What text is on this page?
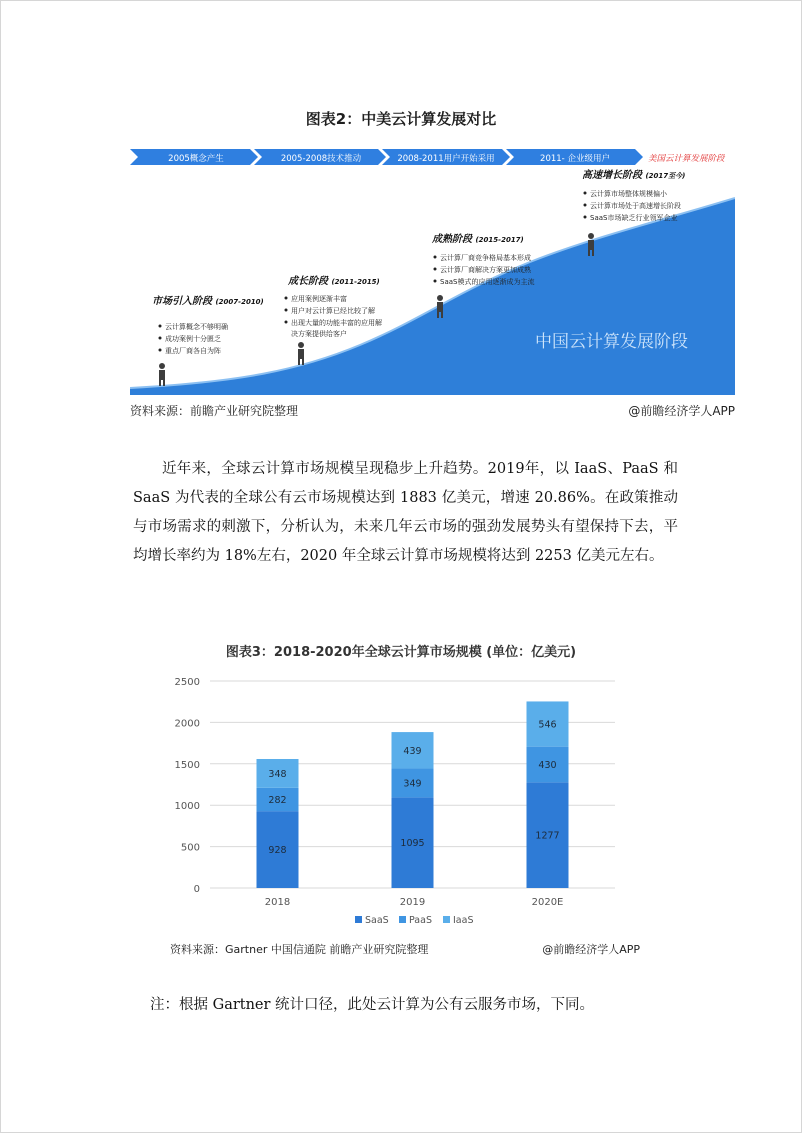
图表2：中美云计算发展对比
2005概念产生	2005-2008技术推动	2008-2011用户开始采用	2011- 企业级用户	美国云计算发展阶段
中国云计算发展阶段
市场引入阶段 (2007-2010)
云计算概念不够明确
成功案例十分匮乏
重点厂商各自为阵
成长阶段 (2011-2015)
应用案例逐渐丰富
用户对云计算已经比较了解
出现大量的功能丰富的应用解
决方案提供给客户
成熟阶段 (2015-2017)
云计算厂商竞争格局基本形成
云计算厂商解决方案更加成熟
SaaS模式的应用逐渐成为主流
高速增长阶段 (2017至今)
云计算市场整体规模偏小
云计算市场处于高速增长阶段
SaaS市场缺乏行业领军企业
资料来源：前瞻产业研究院整理	@前瞻经济学人APP

近年来，全球云计算市场规模呈现稳步上升趋势。2019年，以 IaaS、PaaS 和 SaaS 为代表的全球公有云市场规模达到 1883 亿美元，增速 20.86%。在政策推动与市场需求的刺激下，分析认为，未来几年云市场的强劲发展势头有望保持下去，平均增长率约为 18%左右，2020 年全球云计算市场规模将达到 2253 亿美元左右。

图表3：2018-2020年全球云计算市场规模 (单位：亿美元)
0
500
1000
1500
2000
2500
928
282
348
2018
1095
349
439
2019
1277
430
546
2020E
SaaS PaaS IaaS
资料来源：Gartner 中国信通院 前瞻产业研究院整理	@前瞻经济学人APP
注：根据 Gartner 统计口径，此处云计算为公有云服务市场，下同。
